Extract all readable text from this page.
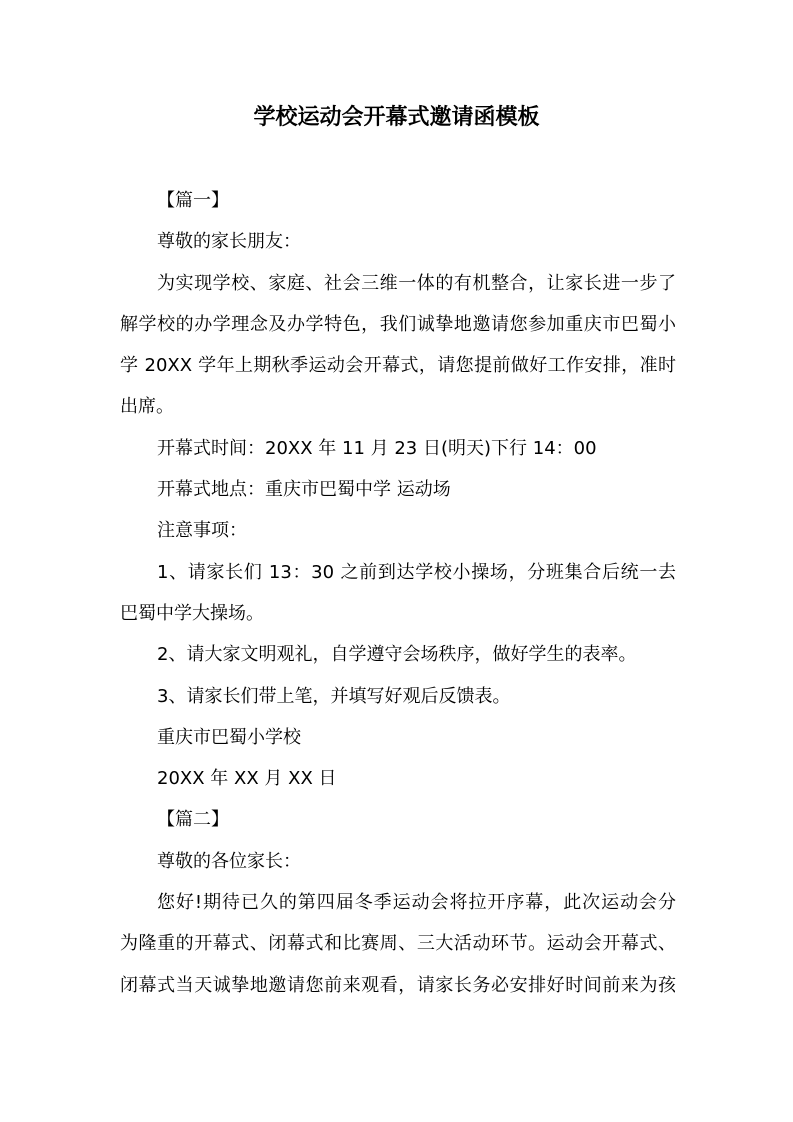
学校运动会开幕式邀请函模板

【篇一】

尊敬的家长朋友：

为实现学校、家庭、社会三维一体的有机整合，让家长进一步了

解学校的办学理念及办学特色，我们诚挚地邀请您参加重庆市巴蜀小

学 20XX 学年上期秋季运动会开幕式，请您提前做好工作安排，准时

出席。

开幕式时间：20XX 年 11 月 23 日(明天)下行 14：00

开幕式地点：重庆市巴蜀中学 运动场

注意事项：

1、请家长们 13：30 之前到达学校小操场，分班集合后统一去

巴蜀中学大操场。

2、请大家文明观礼，自学遵守会场秩序，做好学生的表率。

3、请家长们带上笔，并填写好观后反馈表。

重庆市巴蜀小学校

20XX 年 XX 月 XX 日

【篇二】

尊敬的各位家长：

您好!期待已久的第四届冬季运动会将拉开序幕，此次运动会分

为隆重的开幕式、闭幕式和比赛周、三大活动环节。运动会开幕式、

闭幕式当天诚挚地邀请您前来观看，请家长务必安排好时间前来为孩
